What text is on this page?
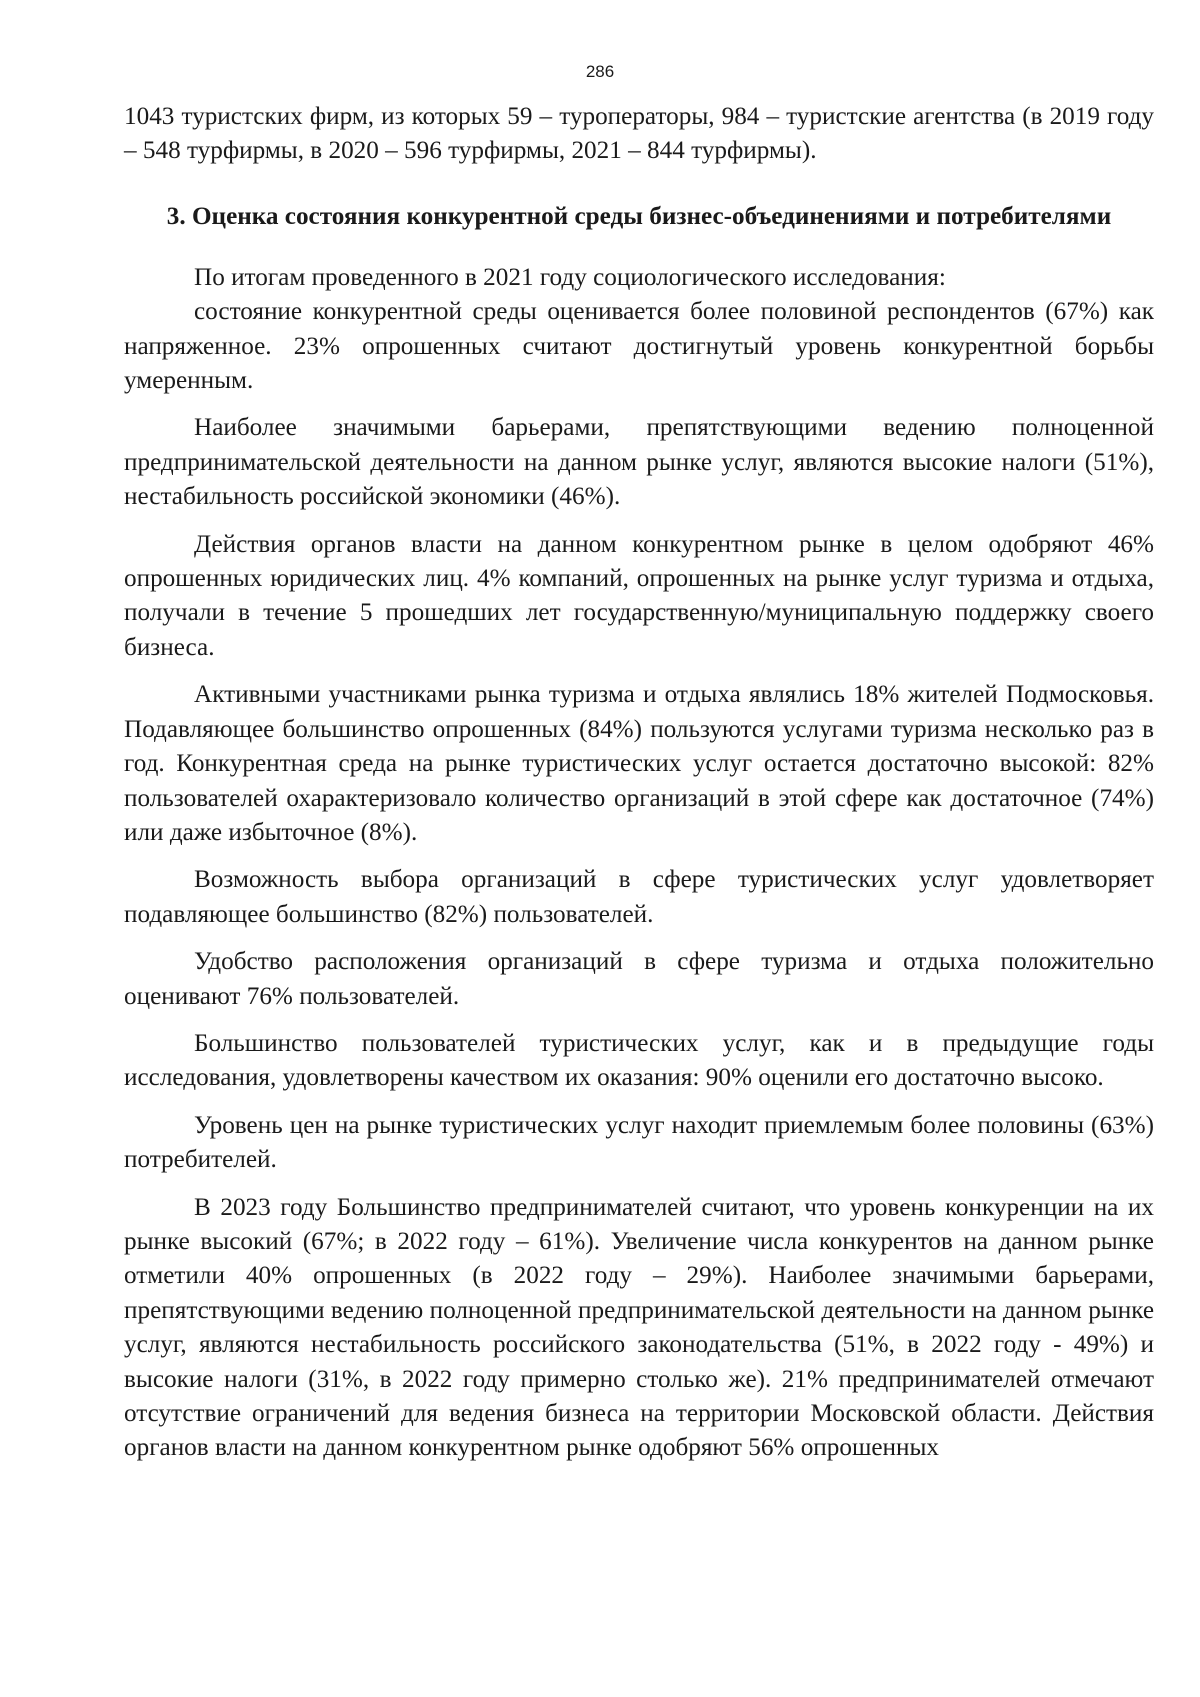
286

1043 туристских фирм, из которых 59 – туроператоры, 984 – туристские агентства (в 2019 году – 548 турфирмы, в 2020 – 596 турфирмы, 2021 – 844 турфирмы).

3. Оценка состояния конкурентной среды бизнес-объединениями и потребителями

По итогам проведенного в 2021 году социологического исследования:

состояние конкурентной среды оценивается более половиной респондентов (67%) как напряженное. 23% опрошенных считают достигнутый уровень конкурентной борьбы умеренным.

Наиболее значимыми барьерами, препятствующими ведению полноценной предпринимательской деятельности на данном рынке услуг, являются высокие налоги (51%), нестабильность российской экономики (46%).

Действия органов власти на данном конкурентном рынке в целом одобряют 46% опрошенных юридических лиц. 4% компаний, опрошенных на рынке услуг туризма и отдыха, получали в течение 5 прошедших лет государственную/муниципальную поддержку своего бизнеса.

Активными участниками рынка туризма и отдыха являлись 18% жителей Подмосковья. Подавляющее большинство опрошенных (84%) пользуются услугами туризма несколько раз в год. Конкурентная среда на рынке туристических услуг остается достаточно высокой: 82% пользователей охарактеризовало количество организаций в этой сфере как достаточное (74%) или даже избыточное (8%).

Возможность выбора организаций в сфере туристических услуг удовлетворяет подавляющее большинство (82%) пользователей.

Удобство расположения организаций в сфере туризма и отдыха положительно оценивают 76% пользователей.

Большинство пользователей туристических услуг, как и в предыдущие годы исследования, удовлетворены качеством их оказания: 90% оценили его достаточно высоко.

Уровень цен на рынке туристических услуг находит приемлемым более половины (63%) потребителей.

В 2023 году Большинство предпринимателей считают, что уровень конкуренции на их рынке высокий (67%; в 2022 году – 61%). Увеличение числа конкурентов на данном рынке отметили 40% опрошенных (в 2022 году – 29%). Наиболее значимыми барьерами, препятствующими ведению полноценной предпринимательской деятельности на данном рынке услуг, являются нестабильность российского законодательства (51%, в 2022 году - 49%) и высокие налоги (31%, в 2022 году примерно столько же). 21% предпринимателей отмечают отсутствие ограничений для ведения бизнеса на территории Московской области. Действия органов власти на данном конкурентном рынке одобряют 56% опрошенных
